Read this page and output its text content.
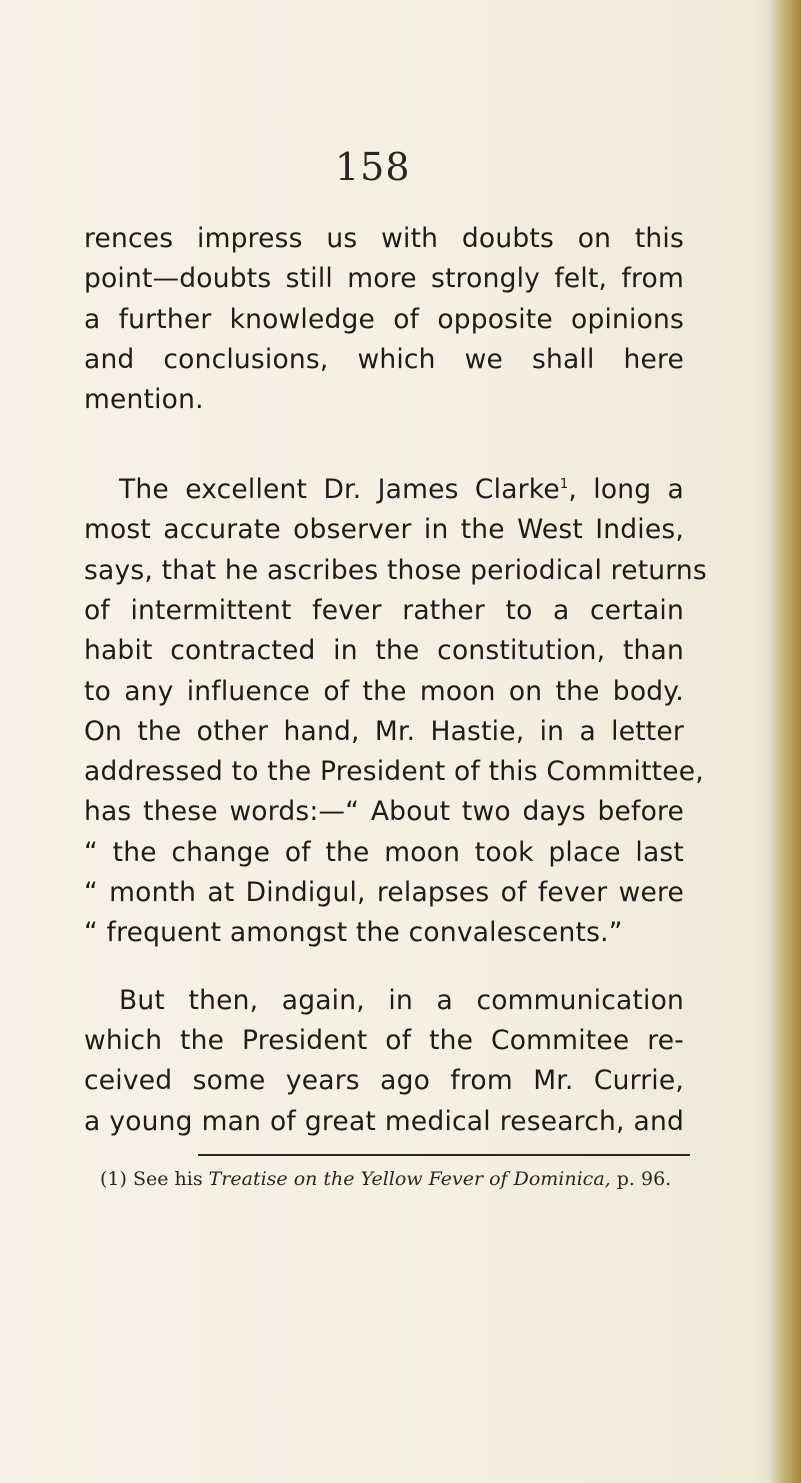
158
rences impress us with doubts on this
point—doubts still more strongly felt, from
a further knowledge of opposite opinions
and conclusions, which we shall here
mention.
The excellent Dr. James Clarke$^1$, long a
most accurate observer in the West Indies,
says, that he ascribes those periodical returns
of intermittent fever rather to a certain
habit contracted in the constitution, than
to any influence of the moon on the body.
On the other hand, Mr. Hastie, in a letter
addressed to the President of this Committee,
has these words:—“ About two days before
“ the change of the moon took place last
“ month at Dindigul, relapses of fever were
“ frequent amongst the convalescents.”
But then, again, in a communication
which the President of the Commitee re-
ceived some years ago from Mr. Currie,
a young man of great medical research, and
(1) See his Treatise on the Yellow Fever of Dominica, p. 96.
